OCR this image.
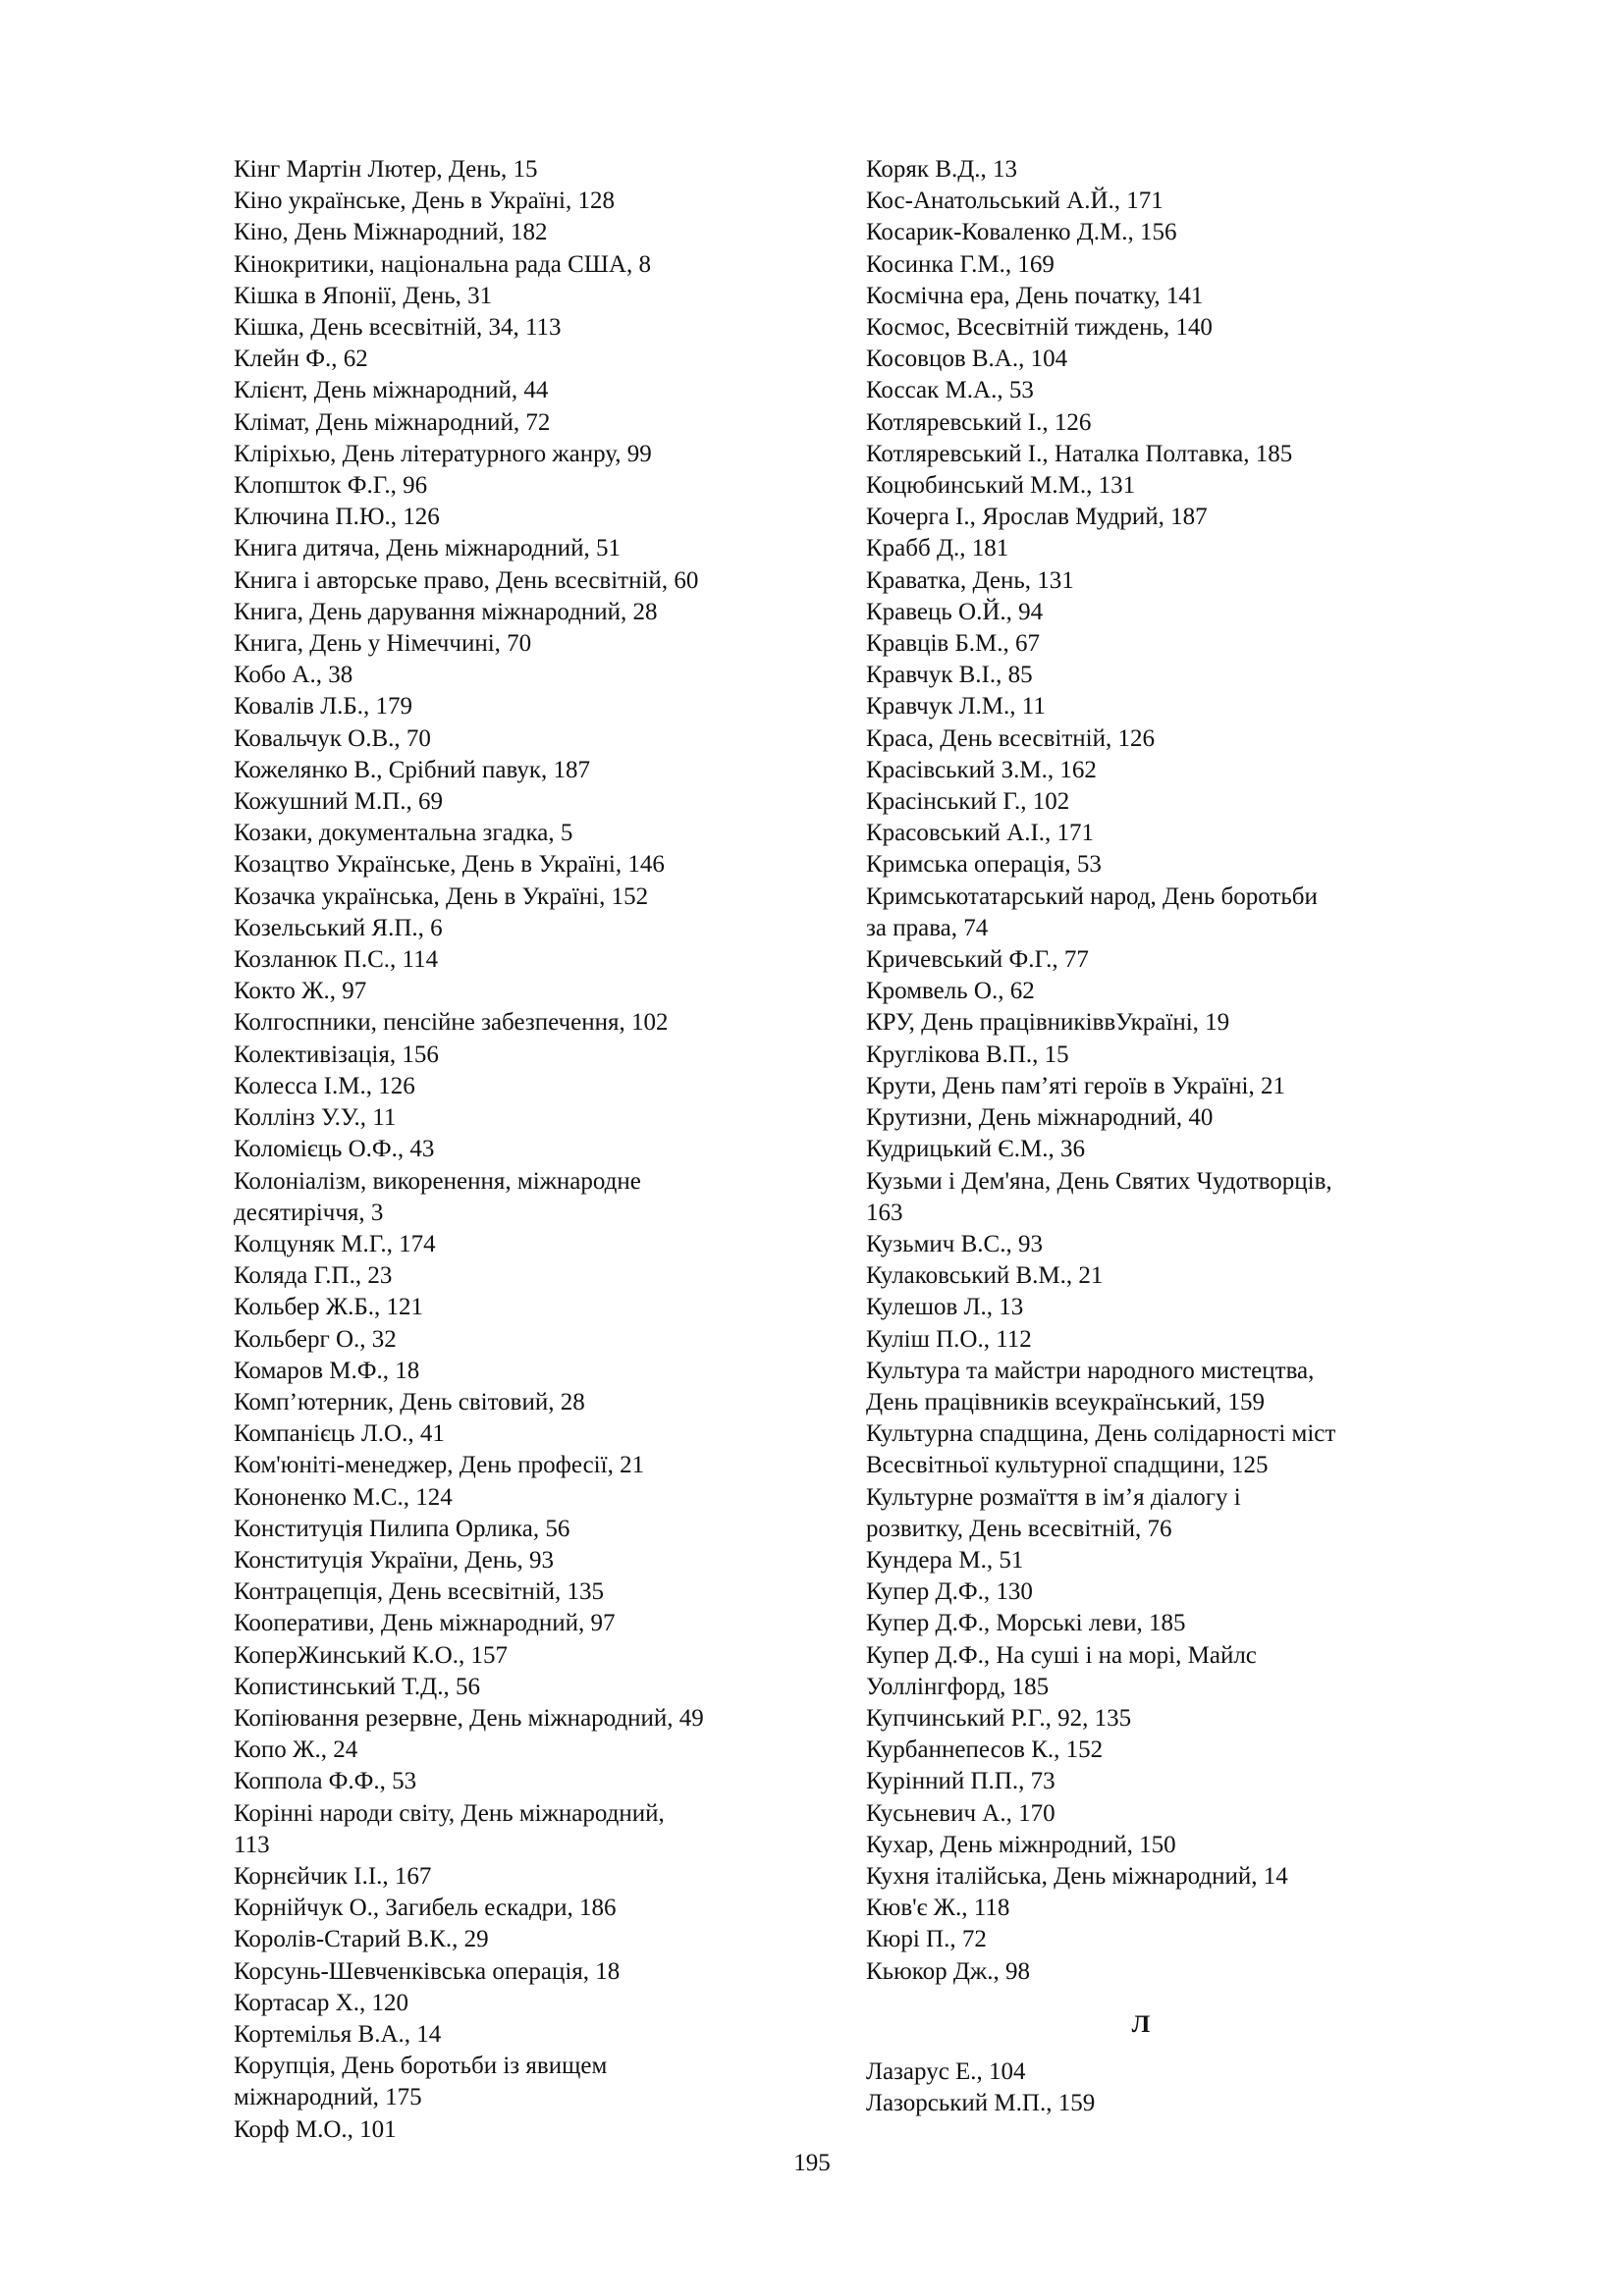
Кінг Мартін Лютер, День, 15
Кіно українське, День в Україні, 128
Кіно, День Міжнародний, 182
Кінокритики, національна рада США, 8
Кішка в Японії, День, 31
Кішка, День всесвітній, 34, 113
Клейн Ф., 62
Клієнт, День міжнародний, 44
Клімат, День міжнародний, 72
Кліріхью, День літературного жанру, 99
Клопшток Ф.Г., 96
Ключина П.Ю., 126
Книга дитяча, День міжнародний, 51
Книга і авторське право, День всесвітній, 60
Книга, День дарування міжнародний, 28
Книга, День у Німеччині, 70
Кобо А., 38
Ковалів Л.Б., 179
Ковальчук О.В., 70
Кожелянко В., Срібний павук, 187
Кожушний М.П., 69
Козаки, документальна згадка, 5
Козацтво Українське, День в Україні, 146
Козачка українська, День в Україні, 152
Козельський Я.П., 6
Козланюк П.С., 114
Кокто Ж., 97
Колгоспники, пенсійне забезпечення, 102
Колективізація, 156
Колесса І.М., 126
Коллінз У.У., 11
Коломієць О.Ф., 43
Колоніалізм, викоренення, міжнародне
десятиріччя, 3
Колцуняк М.Г., 174
Коляда Г.П., 23
Кольбер Ж.Б., 121
Кольберг О., 32
Комаров М.Ф., 18
Комп’ютерник, День світовий, 28
Компанієць Л.О., 41
Ком'юніті-менеджер, День професії, 21
Кононенко М.С., 124
Конституція Пилипа Орлика, 56
Конституція України, День, 93
Контрацепція, День всесвітній, 135
Кооперативи, День міжнародний, 97
КоперЖинський К.О., 157
Копистинський Т.Д., 56
Копіювання резервне, День міжнародний, 49
Копо Ж., 24
Коппола Ф.Ф., 53
Корінні народи світу, День міжнародний,
113
Корнєйчик І.І., 167
Корнійчук О., Загибель ескадри, 186
Королів-Старий В.К., 29
Корсунь-Шевченківська операція, 18
Кортасар Х., 120
Кортемілья В.А., 14
Корупція, День боротьби із явищем
міжнародний, 175
Корф М.О., 101
Коряк В.Д., 13
Кос-Анатольський А.Й., 171
Косарик-Коваленко Д.М., 156
Косинка Г.М., 169
Космічна ера, День початку, 141
Космос, Всесвітній тиждень, 140
Косовцов В.А., 104
Коссак М.А., 53
Котляревський І., 126
Котляревський І., Наталка Полтавка, 185
Коцюбинський М.М., 131
Кочерга І., Ярослав Мудрий, 187
Крабб Д., 181
Краватка, День, 131
Кравець О.Й., 94
Кравців Б.М., 67
Кравчук В.І., 85
Кравчук Л.М., 11
Краса, День всесвітній, 126
Красівський З.М., 162
Красінський Г., 102
Красовський А.І., 171
Кримська операція, 53
Кримськотатарський народ, День боротьби
за права, 74
Кричевський Ф.Г., 77
Кромвель О., 62
КРУ, День працівниківвУкраїні, 19
Круглікова В.П., 15
Крути, День пам’яті героїв в Україні, 21
Крутизни, День міжнародний, 40
Кудрицький Є.М., 36
Кузьми і Дем'яна, День Святих Чудотворців,
163
Кузьмич В.С., 93
Кулаковський В.М., 21
Кулешов Л., 13
Куліш П.О., 112
Культура та майстри народного мистецтва,
День працівників всеукраїнський, 159
Культурна спадщина, День солідарності міст
Всесвітньої культурної спадщини, 125
Культурне розмаїття в ім’я діалогу і
розвитку, День всесвітній, 76
Кундера М., 51
Купер Д.Ф., 130
Купер Д.Ф., Морські леви, 185
Купер Д.Ф., На суші і на морі, Майлс
Уоллінгфорд, 185
Купчинський Р.Г., 92, 135
Курбаннепесов К., 152
Курінний П.П., 73
Кусьневич А., 170
Кухар, День міжнродний, 150
Кухня італійська, День міжнародний, 14
Кюв'є Ж., 118
Кюрі П., 72
Кьюкор Дж., 98
Л
Лазарус Е., 104
Лазорський М.П., 159
195
